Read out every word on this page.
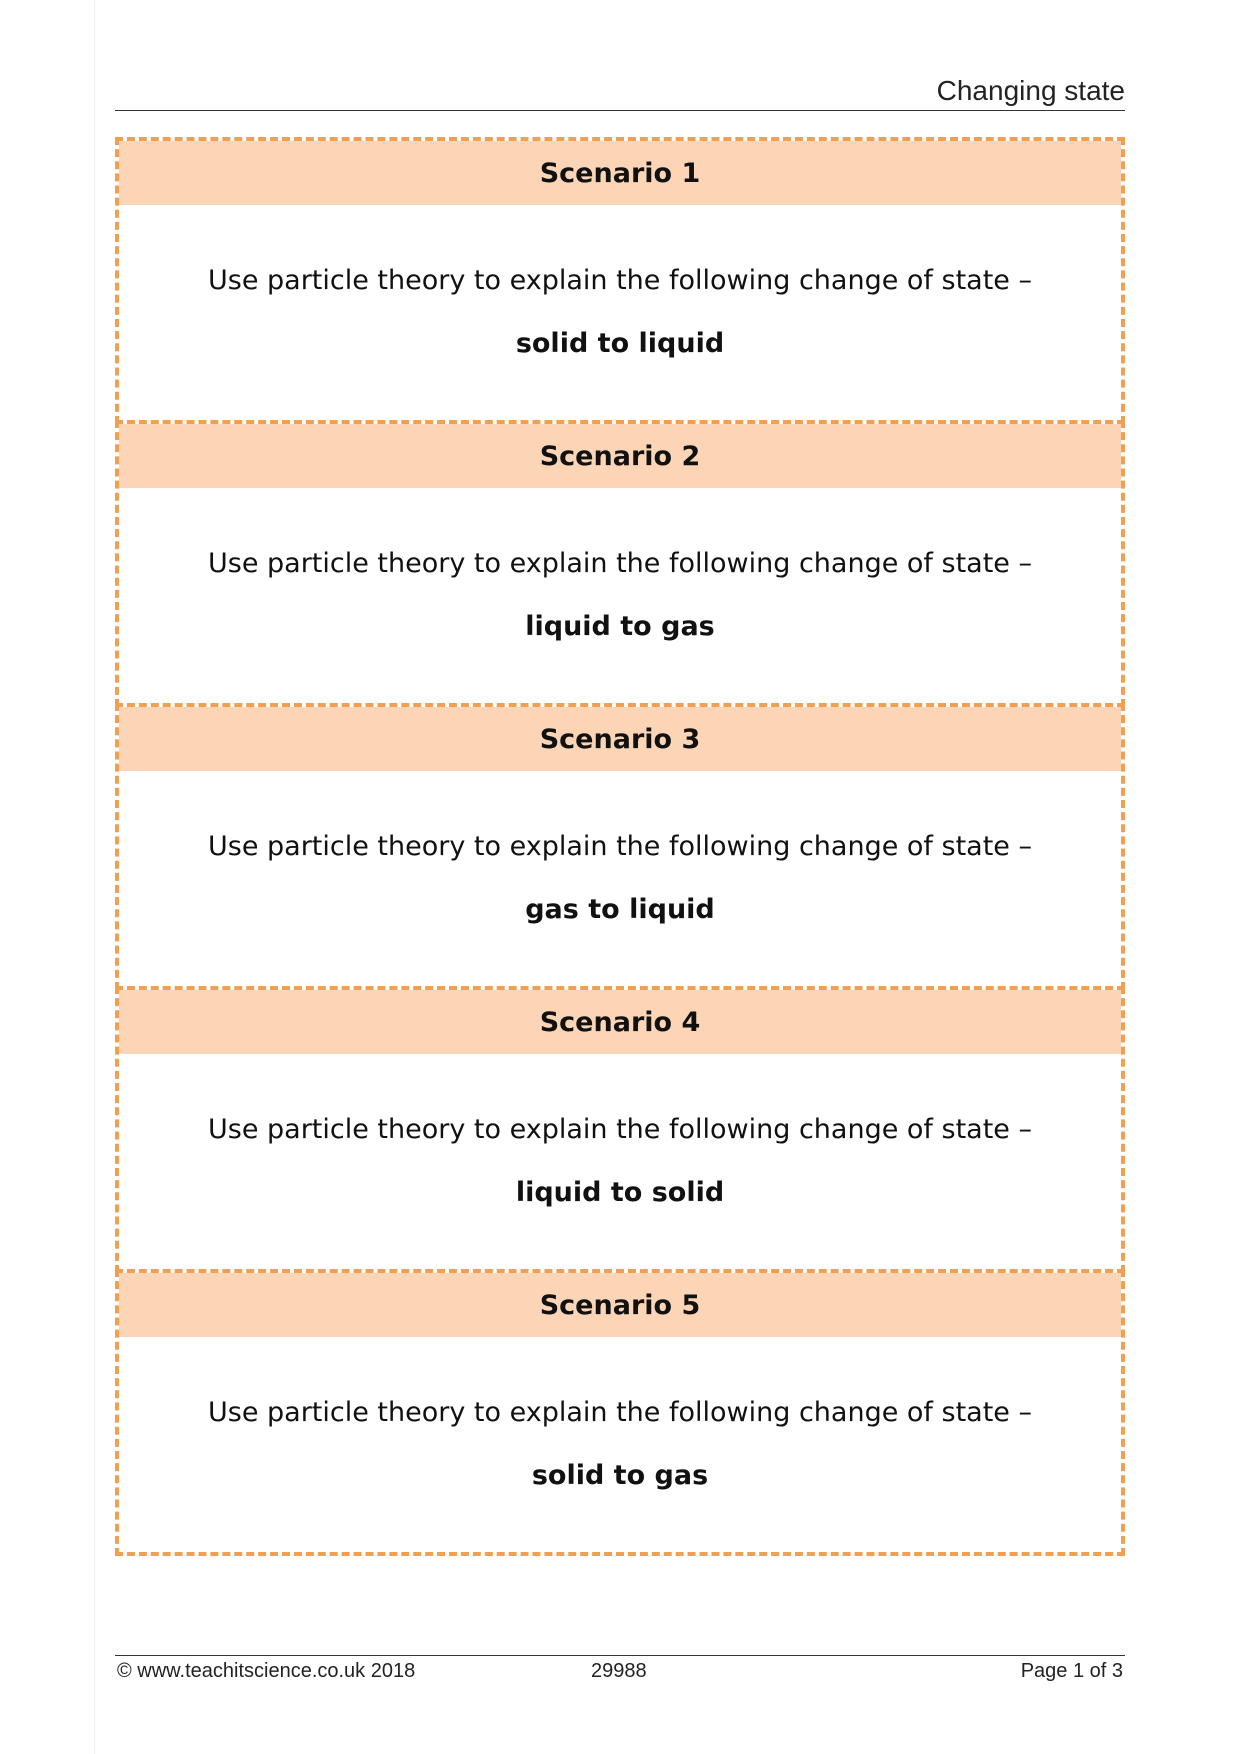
Changing state
Scenario 1
Use particle theory to explain the following change of state –
solid to liquid
Scenario 2
Use particle theory to explain the following change of state –
liquid to gas
Scenario 3
Use particle theory to explain the following change of state –
gas to liquid
Scenario 4
Use particle theory to explain the following change of state –
liquid to solid
Scenario 5
Use particle theory to explain the following change of state –
solid to gas
© www.teachitscience.co.uk 2018	29988	Page 1 of 3
